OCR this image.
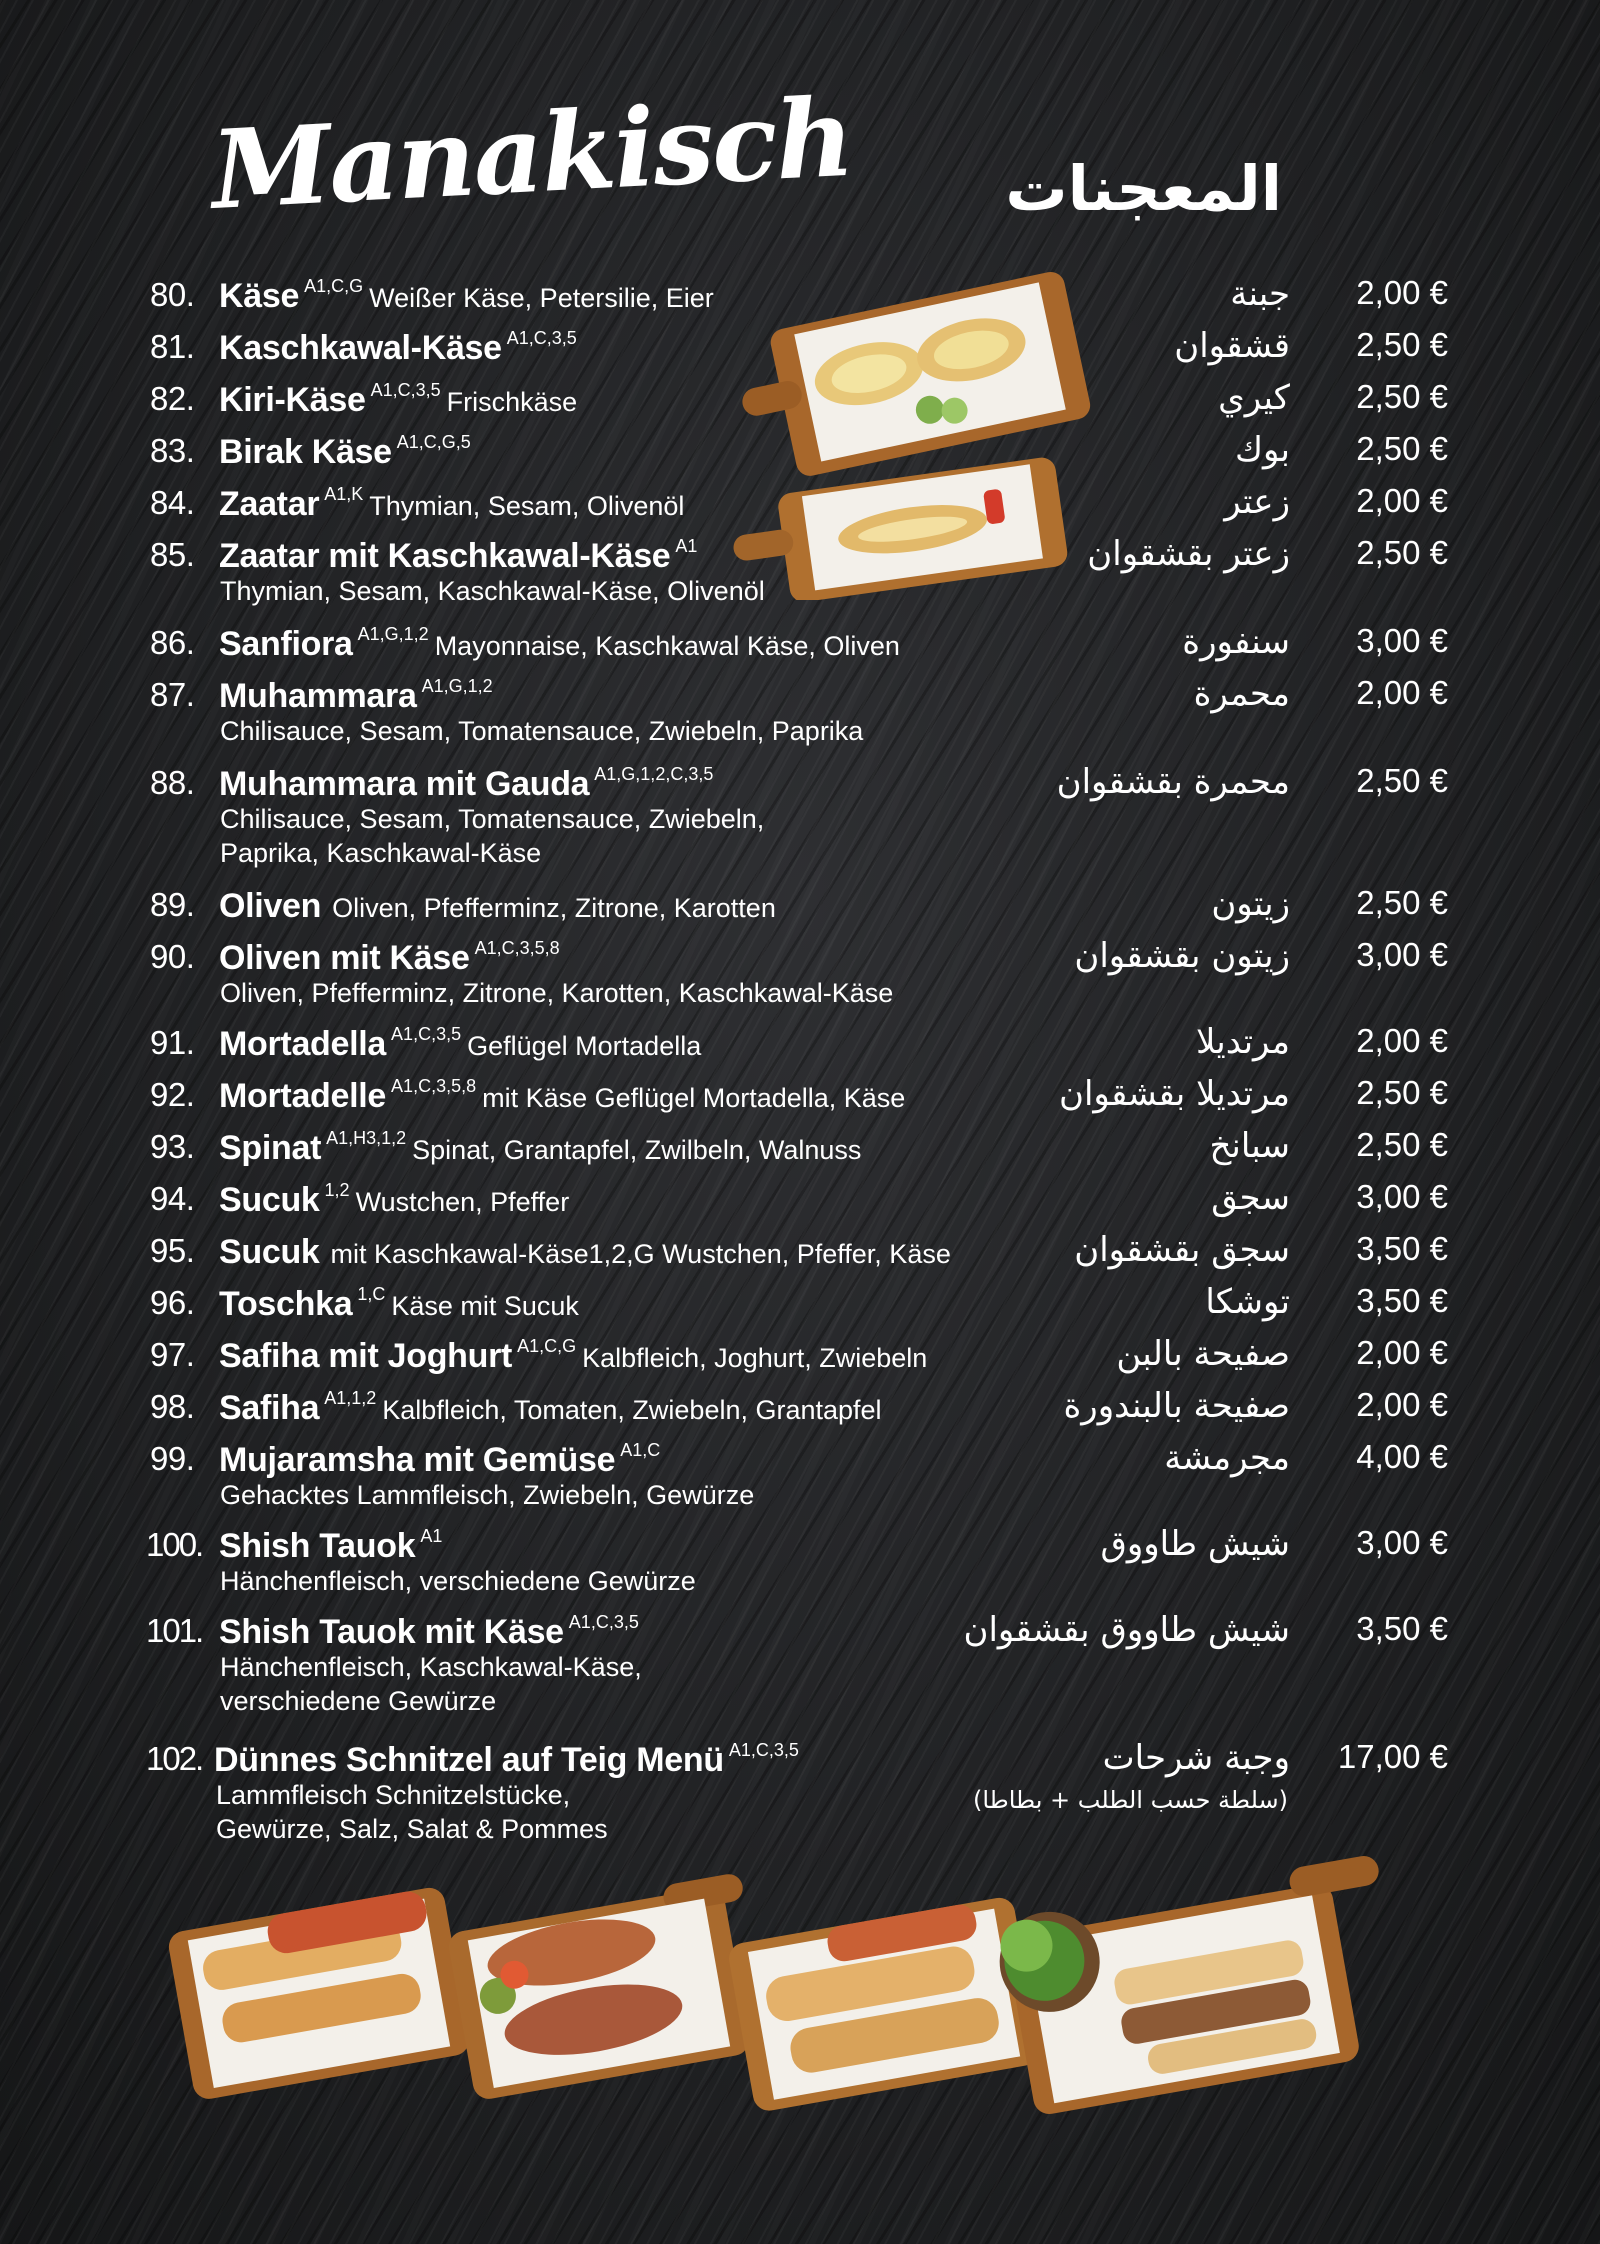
Manakisch المعجنات
80. Käse A1,C,G Weißer Käse, Petersilie, Eier	جبنة 2,00 €
81. Kaschkawal-Käse A1,C,3,5	قشقوان 2,50 €
82. Kiri-Käse A1,C,3,5 Frischkäse	كيري 2,50 €
83. Birak Käse A1,C,G,5	بوك 2,50 €
84. Zaatar A1,K Thymian, Sesam, Olivenöl	زعتر 2,00 €
85. Zaatar mit Kaschkawal-Käse A1
Thymian, Sesam, Kaschkawal-Käse, Olivenöl
زعتر بقشقوان 2,50 €
86. Sanfiora A1,G,1,2 Mayonnaise, Kaschkawal Käse, Oliven	سنفورة 3,00 €
87. Muhammara A1,G,1,2
Chilisauce, Sesam, Tomatensauce, Zwiebeln, Paprika
محمرة 2,00 €
88. Muhammara mit Gauda A1,G,1,2,C,3,5
Chilisauce, Sesam, Tomatensauce, Zwiebeln,
Paprika, Kaschkawal-Käse
محمرة بقشقوان 2,50 €
89. Oliven Oliven, Pfefferminz, Zitrone, Karotten	زيتون 2,50 €
90. Oliven mit Käse A1,C,3,5,8
Oliven, Pfefferminz, Zitrone, Karotten, Kaschkawal-Käse
زيتون بقشقوان 3,00 €
91. Mortadella A1,C,3,5 Geflügel Mortadella	مرتديلا 2,00 €
92. Mortadelle A1,C,3,5,8 mit Käse Geflügel Mortadella, Käse	مرتديلا بقشقوان 2,50 €
93. Spinat A1,H3,1,2 Spinat, Grantapfel, Zwilbeln, Walnuss	سبانخ 2,50 €
94. Sucuk 1,2 Wustchen, Pfeffer	سجق 3,00 €
95. Sucuk mit Kaschkawal-Käse1,2,G Wustchen, Pfeffer, Käse	سجق بقشقوان 3,50 €
96. Toschka 1,C Käse mit Sucuk	توشكا 3,50 €
97. Safiha mit Joghurt A1,C,G Kalbfleich, Joghurt, Zwiebeln	صفيحة بالبن 2,00 €
98. Safiha A1,1,2 Kalbfleich, Tomaten, Zwiebeln, Grantapfel	صفيحة بالبندورة 2,00 €
99. Mujaramsha mit Gemüse A1,C
Gehacktes Lammfleisch, Zwiebeln, Gewürze
مجرمشة 4,00 €
100. Shish Tauok A1
Hänchenfleisch, verschiedene Gewürze
شيش طاووق 3,00 €
101. Shish Tauok mit Käse A1,C,3,5
Hänchenfleisch, Kaschkawal-Käse,
verschiedene Gewürze
شيش طاووق بقشقوان 3,50 €
102. Dünnes Schnitzel auf Teig Menü A1,C,3,5
Lammfleisch Schnitzelstücke,
Gewürze, Salz, Salat & Pommes
وجبة شرحات
(سلطة حسب الطلب + بطاطا)
17,00 €
